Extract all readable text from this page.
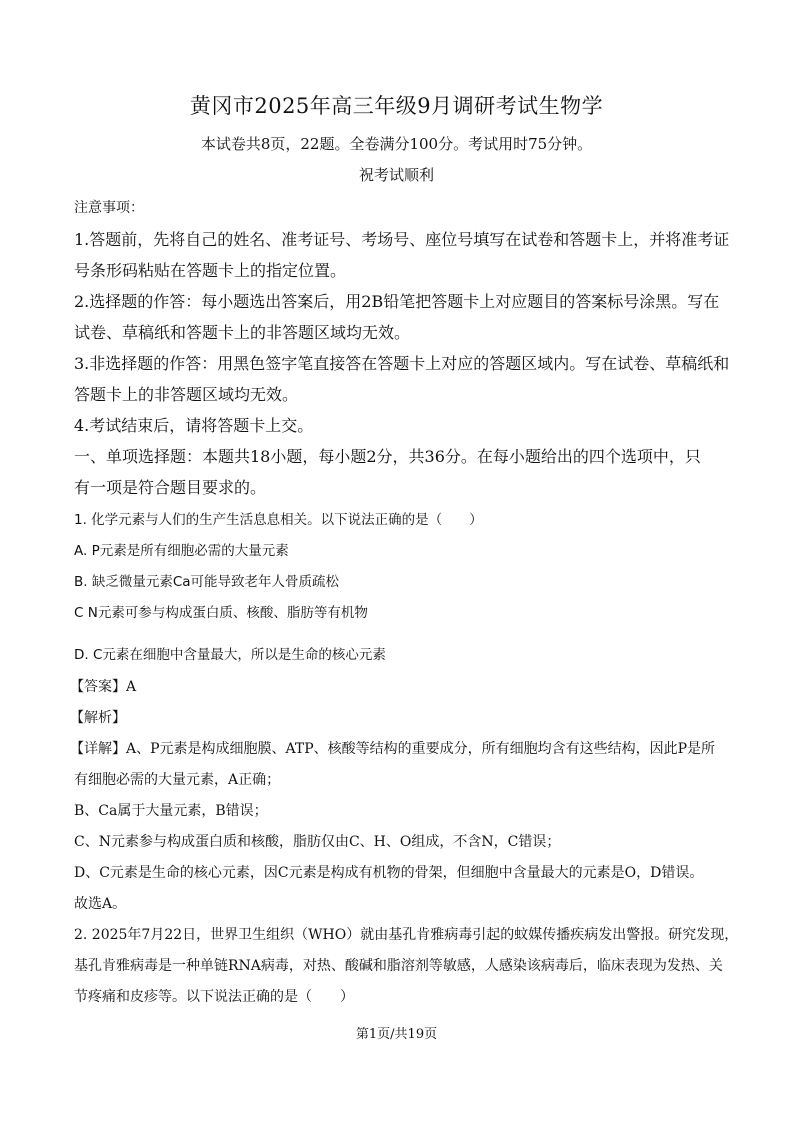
黄冈市2025年高三年级9月调研考试生物学
本试卷共8页，22题。全卷满分100分。考试用时75分钟。
祝考试顺利
注意事项：
1.答题前，先将自己的姓名、准考证号、考场号、座位号填写在试卷和答题卡上，并将准考证
号条形码粘贴在答题卡上的指定位置。
2.选择题的作答：每小题选出答案后，用2B铅笔把答题卡上对应题目的答案标号涂黑。写在
试卷、草稿纸和答题卡上的非答题区域均无效。
3.非选择题的作答：用黑色签字笔直接答在答题卡上对应的答题区域内。写在试卷、草稿纸和
答题卡上的非答题区域均无效。
4.考试结束后，请将答题卡上交。
一、单项选择题：本题共18小题，每小题2分，共36分。在每小题给出的四个选项中，只
有一项是符合题目要求的。
1. 化学元素与人们的生产生活息息相关。以下说法正确的是（　　）
A. P元素是所有细胞必需的大量元素
B. 缺乏微量元素Ca可能导致老年人骨质疏松
C N元素可参与构成蛋白质、核酸、脂肪等有机物
D. C元素在细胞中含量最大，所以是生命的核心元素
【答案】A
【解析】
【详解】A、P元素是构成细胞膜、ATP、核酸等结构的重要成分，所有细胞均含有这些结构，因此P是所
有细胞必需的大量元素，A正确；
B、Ca属于大量元素，B错误；
C、N元素参与构成蛋白质和核酸，脂肪仅由C、H、O组成，不含N，C错误；
D、C元素是生命的核心元素，因C元素是构成有机物的骨架，但细胞中含量最大的元素是O，D错误。
故选A。
2. 2025年7月22日，世界卫生组织（WHO）就由基孔肯雅病毒引起的蚊媒传播疾病发出警报。研究发现，
基孔肯雅病毒是一种单链RNA病毒，对热、酸碱和脂溶剂等敏感，人感染该病毒后，临床表现为发热、关
节疼痛和皮疹等。以下说法正确的是（　　）
第1页/共19页
